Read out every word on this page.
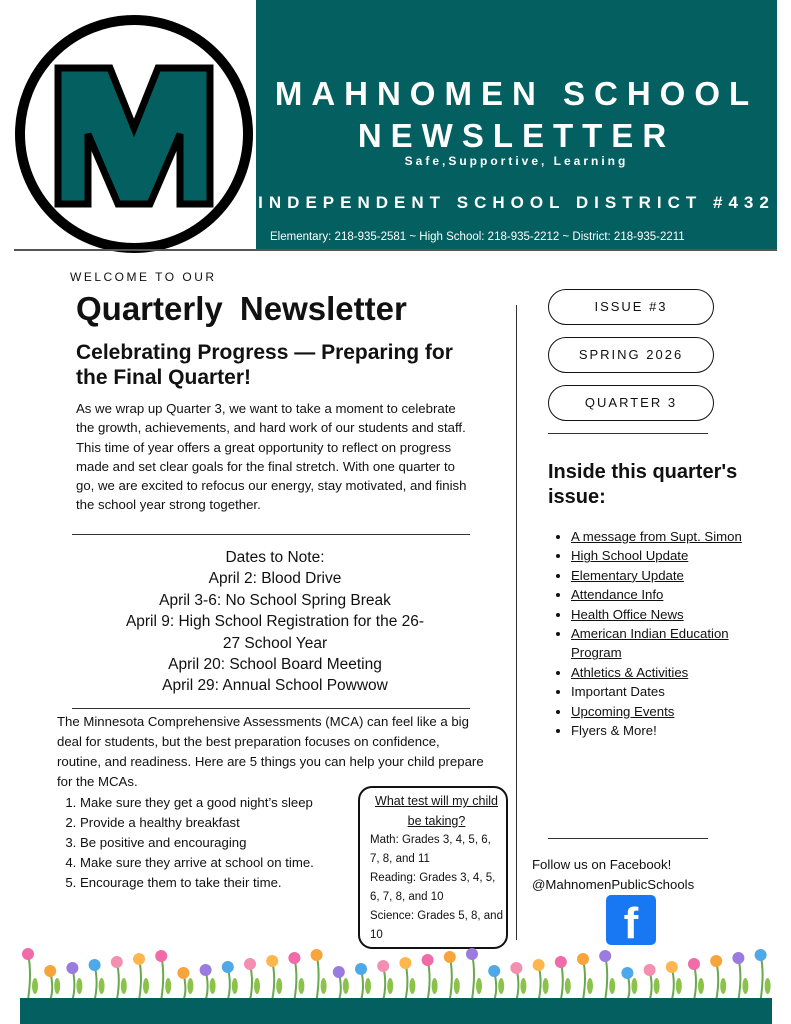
MAHNOMEN SCHOOL
NEWSLETTER
Safe,Supportive, Learning
INDEPENDENT SCHOOL DISTRICT #432
Elementary: 218-935-2581 ~ High School: 218-935-2212 ~ District: 218-935-2211
WELCOME TO OUR
Quarterly Newsletter
Celebrating Progress — Preparing for the Final Quarter!
As we wrap up Quarter 3, we want to take a moment to celebrate the growth, achievements, and hard work of our students and staff. This time of year offers a great opportunity to reflect on progress made and set clear goals for the final stretch. With one quarter to go, we are excited to refocus our energy, stay motivated, and finish the school year strong together.
Dates to Note:
April 2: Blood Drive
April 3-6: No School Spring Break
April 9: High School Registration for the 26-27 School Year
April 20: School Board Meeting
April 29: Annual School Powwow
The Minnesota Comprehensive Assessments (MCA) can feel like a big deal for students, but the best preparation focuses on confidence, routine, and readiness. Here are 5 things you can help your child prepare for the MCAs.
1. Make sure they get a good night’s sleep
2. Provide a healthy breakfast
3. Be positive and encouraging
4. Make sure they arrive at school on time.
5. Encourage them to take their time.
What test will my child be taking?
Math: Grades 3, 4, 5, 6, 7, 8, and 11
Reading: Grades 3, 4, 5, 6, 7, 8, and 10
Science: Grades 5, 8, and 10
ISSUE #3
SPRING 2026
QUARTER 3
Inside this quarter's issue:
• A message from Supt. Simon
• High School Update
• Elementary Update
• Attendance Info
• Health Office News
• American Indian Education Program
• Athletics & Activities
• Important Dates
• Upcoming Events
• Flyers & More!
Follow us on Facebook!
@MahnomenPublicSchools
f
